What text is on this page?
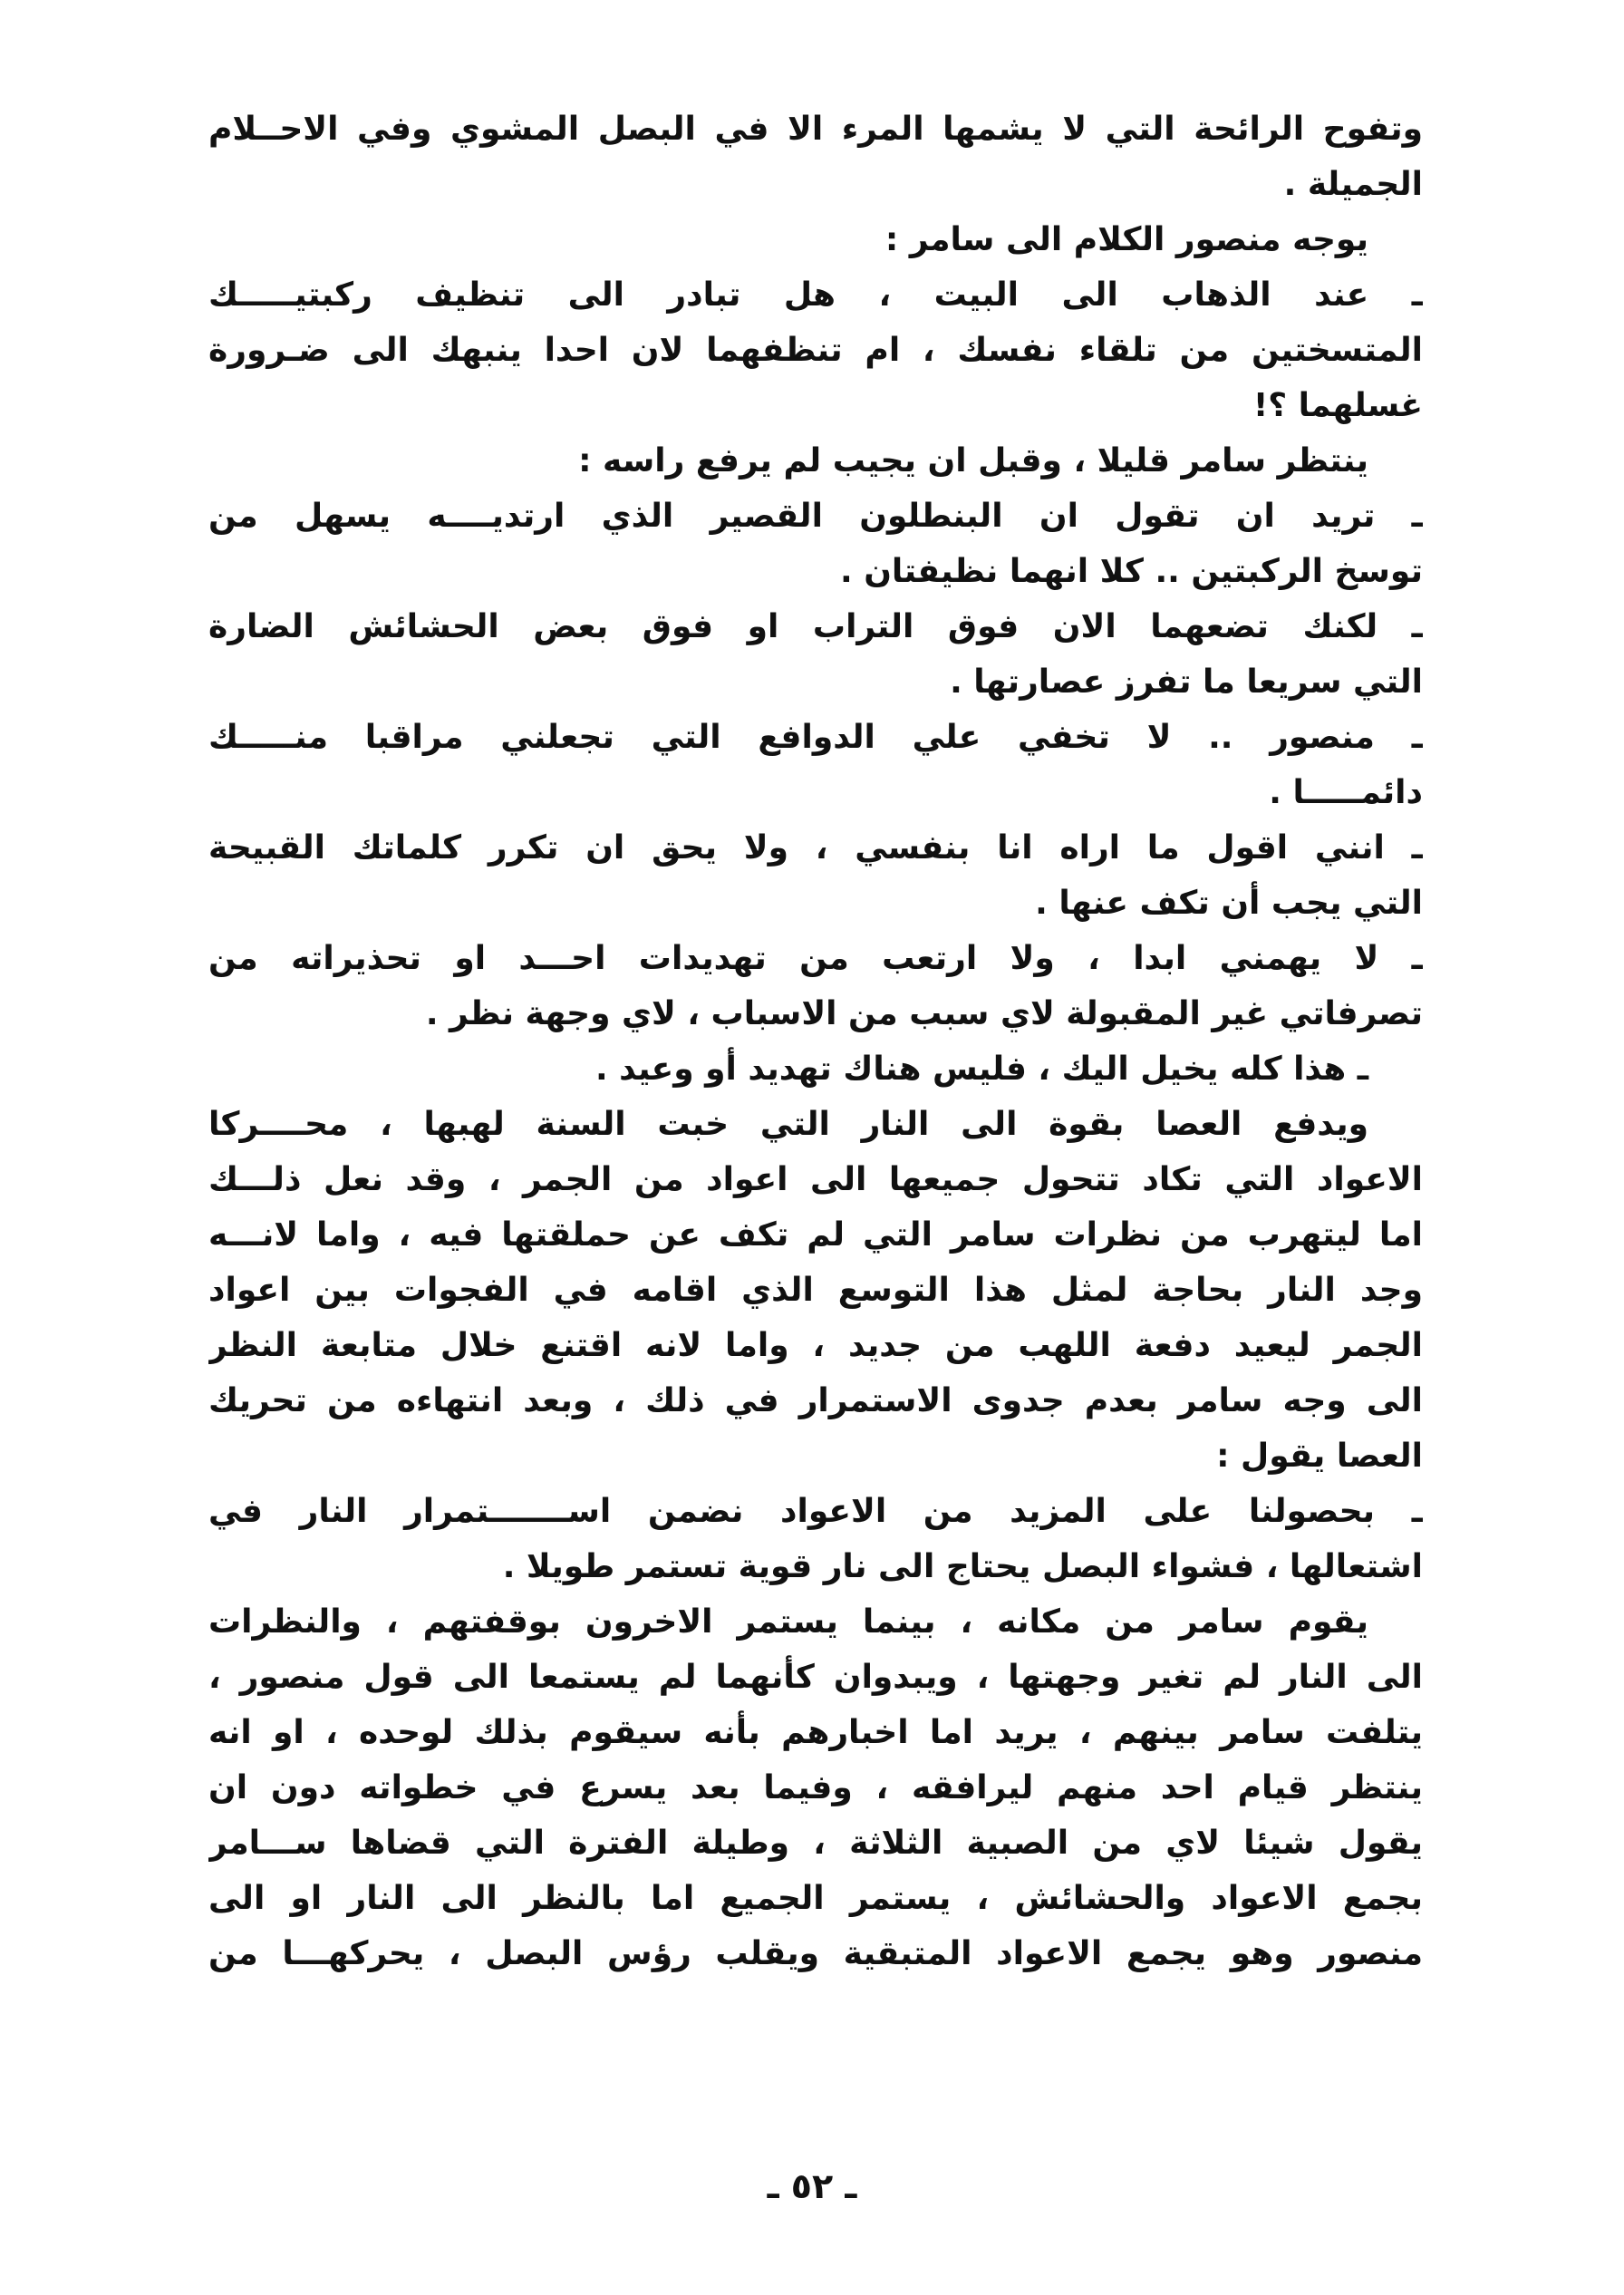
وتفوح الرائحة التي لا يشمها المرء الا في البصل المشوي وفي الاحــلام
الجميلة .
يوجه منصور الكلام الى سامر :
ـ عند الذهاب الى البيت ، هل تبادر الى تنظيف ركبتيـــــك
المتسختين من تلقاء نفسك ، ام تنظفهما لان احدا ينبهك الى ضـرورة
غسلهما ؟!
ينتظر سامر قليلا ، وقبل ان يجيب لم يرفع راسه :
ـ تريد ان تقول ان البنطلون القصير الذي ارتديــــه يسهل من
توسخ الركبتين .. كلا انهما نظيفتان .
ـ لكنك تضعهما الان فوق التراب او فوق بعض الحشائش الضارة
التي سريعا ما تفرز عصارتها .
ـ منصور .. لا تخفي علي الدوافع التي تجعلني مراقبا منـــــك
دائمـــــا .
ـ انني اقول ما اراه انا بنفسي ، ولا يحق ان تكرر كلماتك القبيحة
التي يجب أن تكف عنها .
ـ لا يهمني ابدا ، ولا ارتعب من تهديدات احـــد او تحذيراته من
تصرفاتي غير المقبولة لاي سبب من الاسباب ، لاي وجهة نظر .
ـ هذا كله يخيل اليك ، فليس هناك تهديد أو وعيد .
ويدفع العصا بقوة الى النار التي خبت السنة لهبها ، محــــركا
الاعواد التي تكاد تتحول جميعها الى اعواد من الجمر ، وقد نعل ذلـــك
اما ليتهرب من نظرات سامر التي لم تكف عن حملقتها فيه ، واما لانـــه
وجد النار بحاجة لمثل هذا التوسع الذي اقامه في الفجوات بين اعواد
الجمر ليعيد دفعة اللهب من جديد ، واما لانه اقتنع خلال متابعة النظر
الى وجه سامر بعدم جدوى الاستمرار في ذلك ، وبعد انتهاءه من تحريك
العصا يقول :
ـ بحصولنا على المزيد من الاعواد نضمن اســـــــتمرار النار في
اشتعالها ، فشواء البصل يحتاج الى نار قوية تستمر طويلا .
يقوم سامر من مكانه ، بينما يستمر الاخرون بوقفتهم ، والنظرات
الى النار لم تغير وجهتها ، ويبدوان كأنهما لم يستمعا الى قول منصور ،
يتلفت سامر بينهم ، يريد اما اخبارهم بأنه سيقوم بذلك لوحده ، او انه
ينتظر قيام احد منهم ليرافقه ، وفيما بعد يسرع في خطواته دون ان
يقول شيئا لاي من الصبية الثلاثة ، وطيلة الفترة التي قضاها ســـامر
بجمع الاعواد والحشائش ، يستمر الجميع اما بالنظر الى النار او الى
منصور وهو يجمع الاعواد المتبقية ويقلب رؤس البصل ، يحركهـــا من
ـ ٥٢ ـ
